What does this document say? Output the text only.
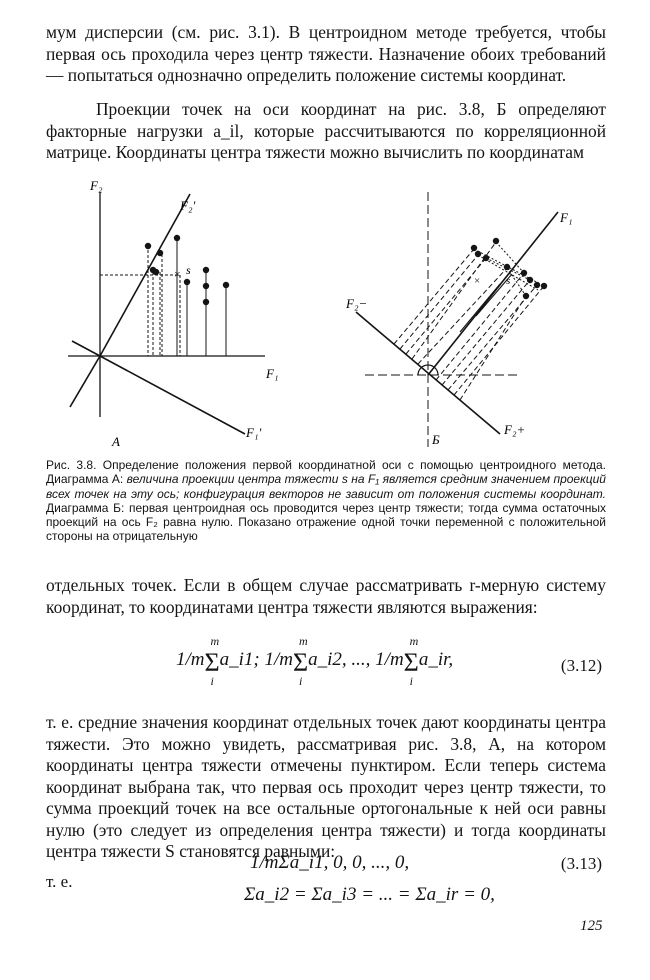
мум дисперсии (см. рис. 3.1). В центроидном методе требуется, чтобы первая ось проходила через центр тяжести. Назначение обоих требований — попытаться однозначно определить положение системы координат.

Проекции точек на оси координат на рис. 3.8, Б определяют факторные нагрузки a_il, которые рассчитываются по корреляционной матрице. Координаты центра тяжести можно вычислить по координатам

×	×
F₂
F₂′
F₁
F₁′
s
А
F₁
F₂−
F₂+
s
Б
Рис. 3.8. Определение положения первой координатной оси с помощью центроидного метода. Диаграмма А: величина проекции центра тяжести s на F₁ является средним значением проекций всех точек на эту ось; конфигурация векторов не зависит от положения системы координат. Диаграмма Б: первая центроидная ось проводится через центр тяжести; тогда сумма остаточных проекций на ось F₂ равна нулю. Показано отражение одной точки переменной с положительной стороны на отрицательную

отдельных точек. Если в общем случае рассматривать r-мерную систему координат, то координатами центра тяжести являются выражения:

1/mΣ
m
i
a_i1; 1/mΣ
m
i
a_i2, ..., 1/mΣ
m
i
a_ir,	(3.12)

т. е. средние значения координат отдельных точек дают координаты центра тяжести. Это можно увидеть, рассматривая рис. 3.8, А, на котором координаты центра тяжести отмечены пунктиром. Если теперь система координат выбрана так, что первая ось проходит через центр тяжести, то сумма проекций точек на все остальные ортогональные к ней оси равны нулю (это следует из определения центра тяжести) и тогда координаты центра тяжести S становятся равными:

1/mΣa_i1, 0, 0, ..., 0,	(3.13)
т. е.
Σa_i2 = Σa_i3 = ... = Σa_ir = 0,
125
